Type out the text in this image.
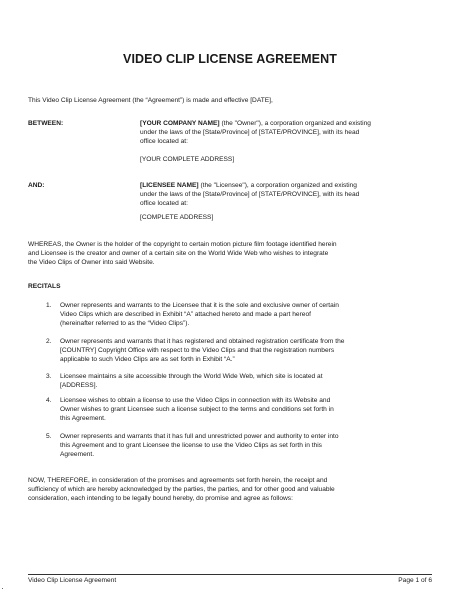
VIDEO CLIP LICENSE AGREEMENT
This Video Clip License Agreement (the “Agreement”) is made and effective [DATE],
BETWEEN:	[YOUR COMPANY NAME] (the "Owner"), a corporation organized and existing
under the laws of the [State/Province] of [STATE/PROVINCE], with its head
office located at:
[YOUR COMPLETE ADDRESS]
AND:	[LICENSEE NAME] (the "Licensee"), a corporation organized and existing
under the laws of the [State/Province] of [STATE/PROVINCE], with its head
office located at:
[COMPLETE ADDRESS]
WHEREAS, the Owner is the holder of the copyright to certain motion picture film footage identified herein
and Licensee is the creator and owner of a certain site on the World Wide Web who wishes to integrate
the Video Clips of Owner into said Website.
RECITALS
1. Owner represents and warrants to the Licensee that it is the sole and exclusive owner of certain
Video Clips which are described in Exhibit “A” attached hereto and made a part hereof
(hereinafter referred to as the “Video Clips”).
2. Owner represents and warrants that it has registered and obtained registration certificate from the
[COUNTRY] Copyright Office with respect to the Video Clips and that the registration numbers
applicable to such Video Clips are as set forth in Exhibit “A.”
3. Licensee maintains a site accessible through the World Wide Web, which site is located at
[ADDRESS].
4. Licensee wishes to obtain a license to use the Video Clips in connection with its Website and
Owner wishes to grant Licensee such a license subject to the terms and conditions set forth in
this Agreement.
5. Owner represents and warrants that it has full and unrestricted power and authority to enter into
this Agreement and to grant Licensee the license to use the Video Clips as set forth in this
Agreement.
NOW, THEREFORE, in consideration of the promises and agreements set forth herein, the receipt and
sufficiency of which are hereby acknowledged by the parties, the parties, and for other good and valuable
consideration, each intending to be legally bound hereby, do promise and agree as follows:
Video Clip License Agreement	Page 1 of 6
